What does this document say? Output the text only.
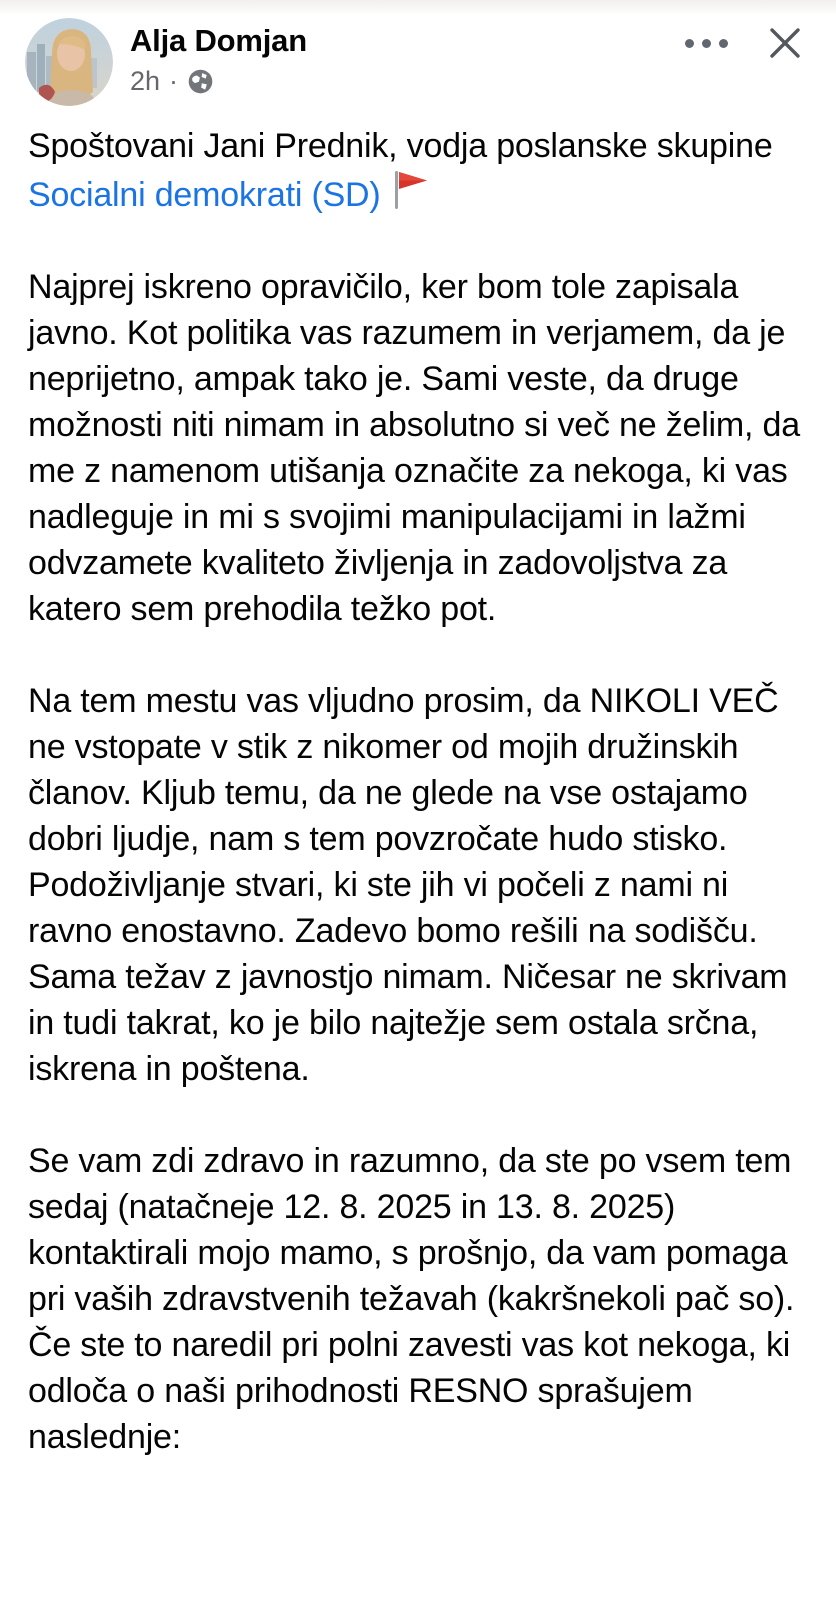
Alja Domjan
2h ·

Spoštovani Jani Prednik, vodja poslanske skupine Socialni demokrati (SD)

Najprej iskreno opravičilo, ker bom tole zapisala javno. Kot politika vas razumem in verjamem, da je neprijetno, ampak tako je. Sami veste, da druge možnosti niti nimam in absolutno si več ne želim, da me z namenom utišanja označite za nekoga, ki vas nadleguje in mi s svojimi manipulacijami in lažmi odvzamete kvaliteto življenja in zadovoljstva za katero sem prehodila težko pot.

Na tem mestu vas vljudno prosim, da NIKOLI VEČ ne vstopate v stik z nikomer od mojih družinskih članov. Kljub temu, da ne glede na vse ostajamo dobri ljudje, nam s tem povzročate hudo stisko. Podoživljanje stvari, ki ste jih vi počeli z nami ni ravno enostavno. Zadevo bomo rešili na sodišču. Sama težav z javnostjo nimam. Ničesar ne skrivam in tudi takrat, ko je bilo najtežje sem ostala srčna, iskrena in poštena.

Se vam zdi zdravo in razumno, da ste po vsem tem sedaj (natačneje 12. 8. 2025 in 13. 8. 2025) kontaktirali mojo mamo, s prošnjo, da vam pomaga pri vaših zdravstvenih težavah (kakršnekoli pač so). Če ste to naredil pri polni zavesti vas kot nekoga, ki odloča o naši prihodnosti RESNO sprašujem naslednje:
